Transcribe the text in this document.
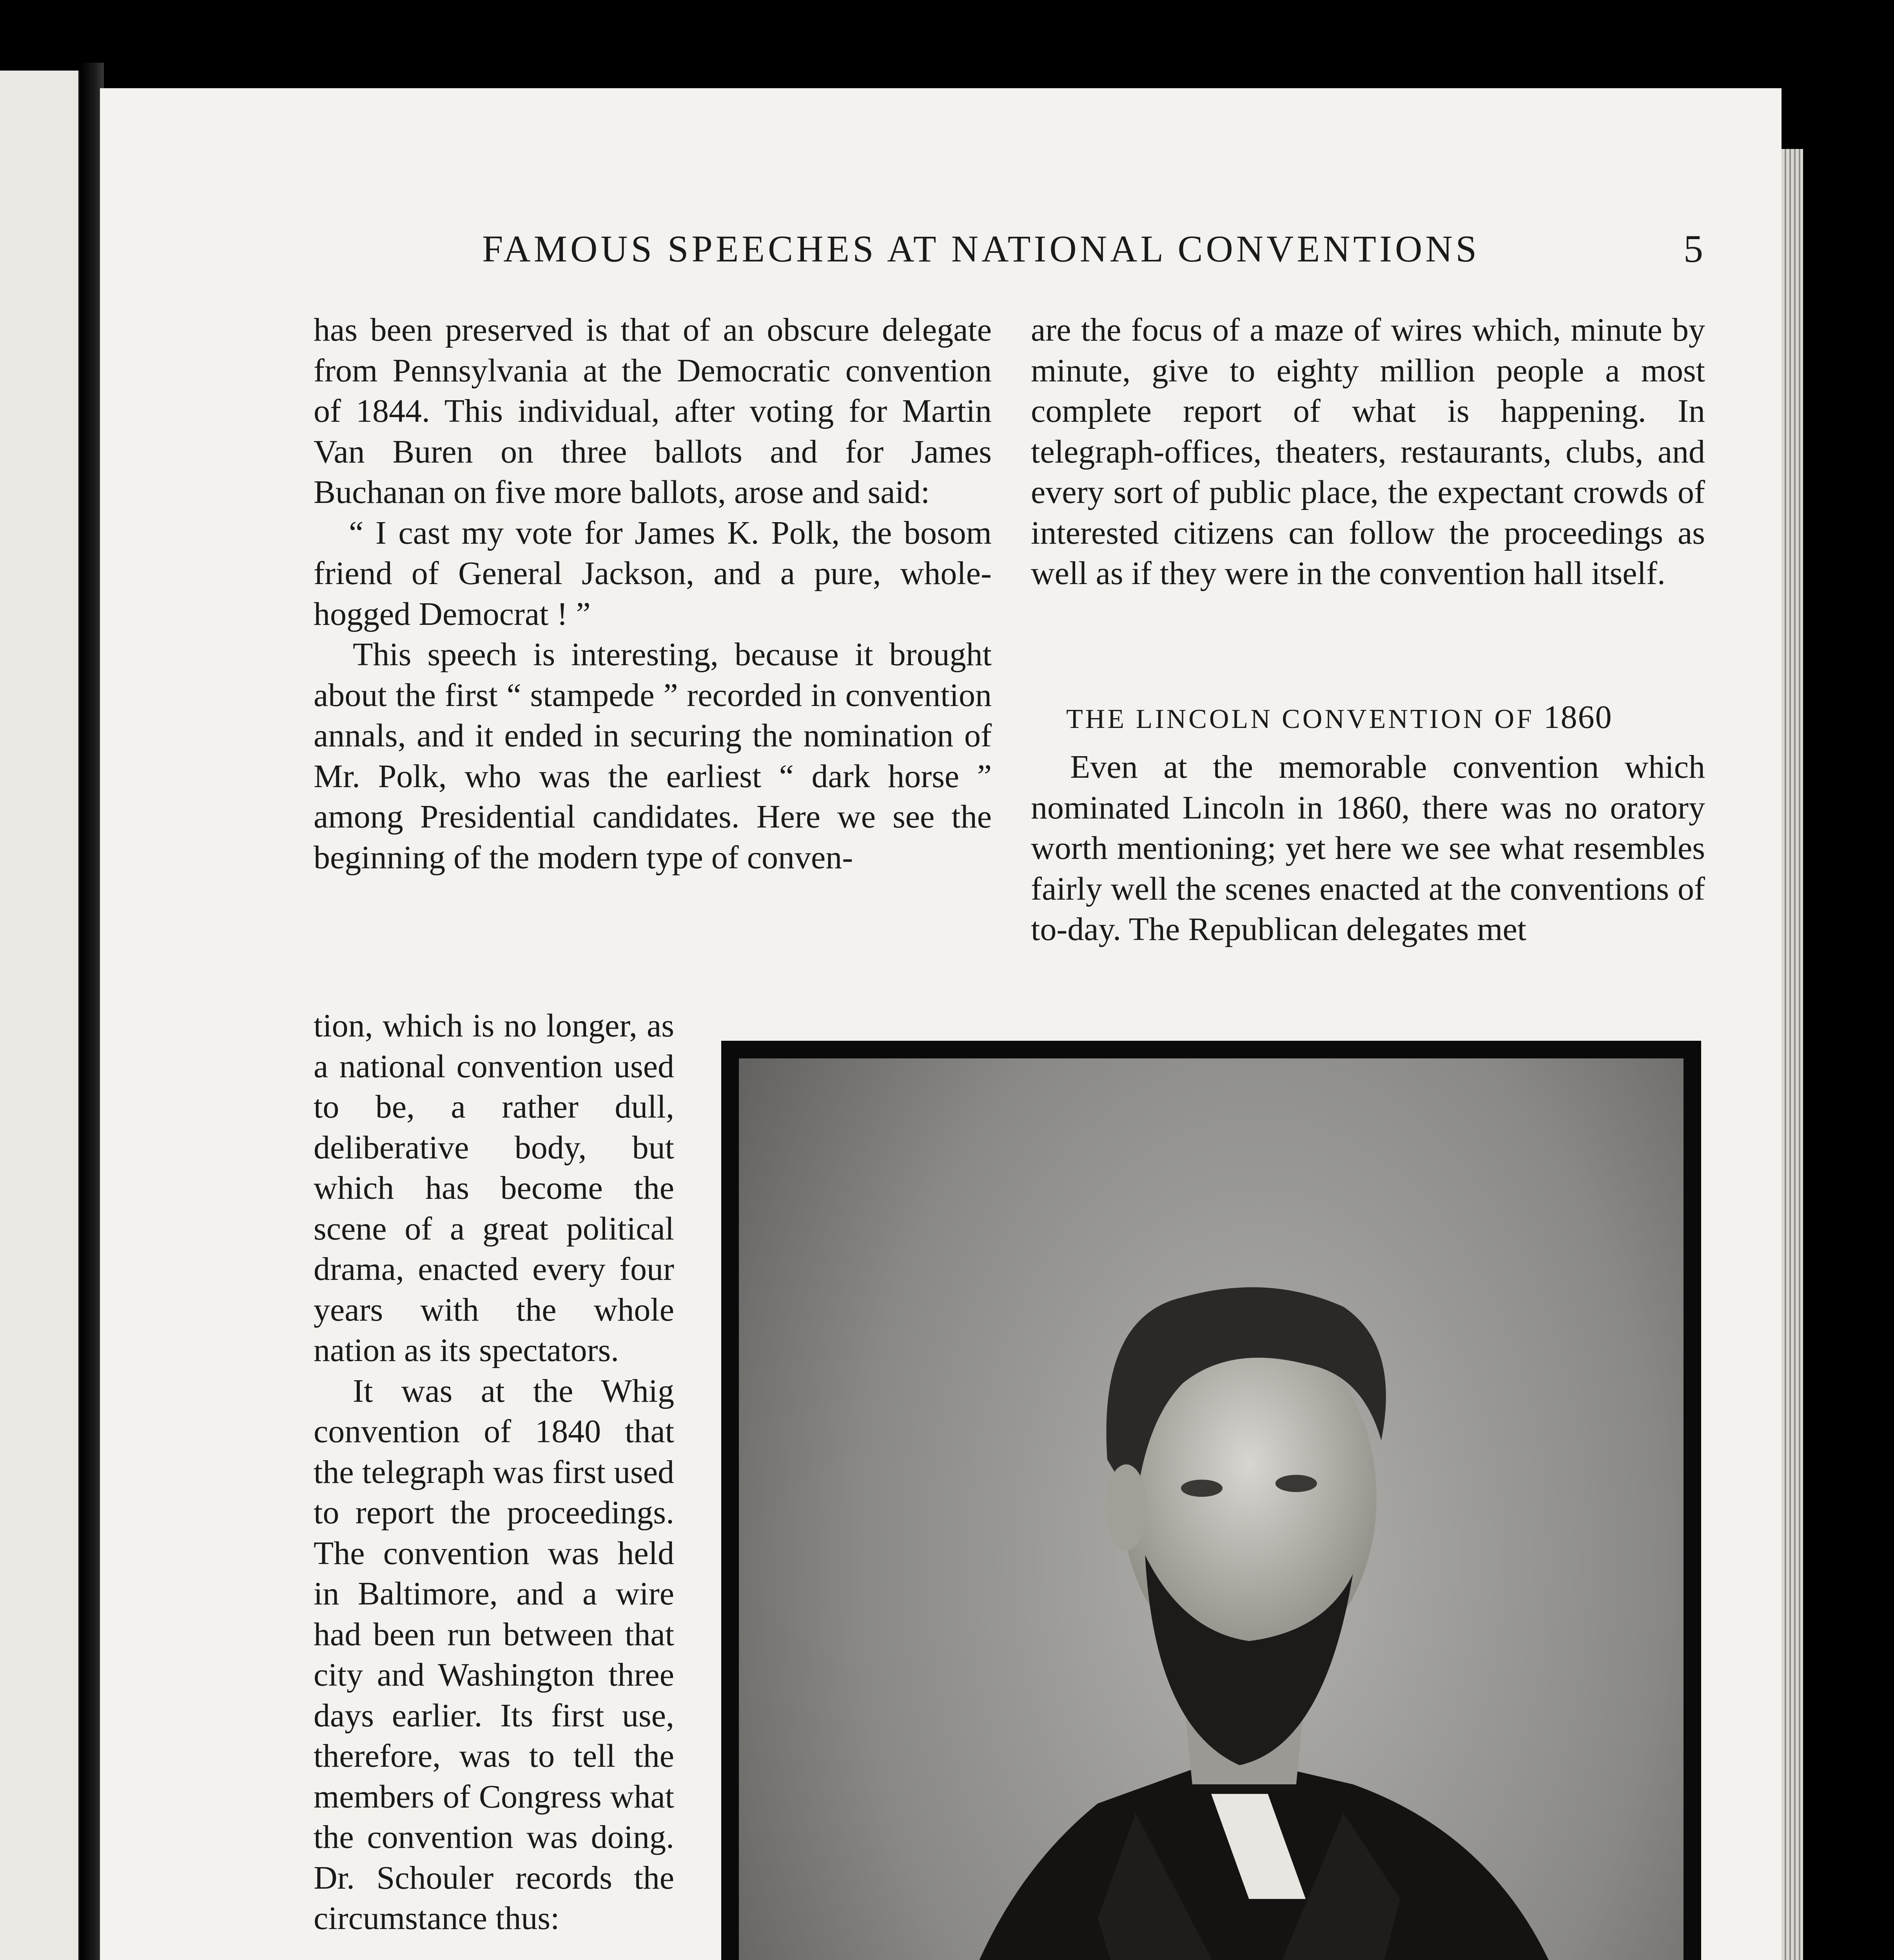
FAMOUS SPEECHES AT NATIONAL CONVENTIONS	5

has been preserved is that of an obscure delegate from Pennsylvania at the Democratic convention of 1844. This individual, after voting for Martin Van Buren on three ballots and for James Buchanan on five more ballots, arose and said:

“ I cast my vote for James K. Polk, the bosom friend of General Jackson, and a pure, whole-hogged Democrat ! ”

This speech is interesting, because it brought about the first “ stampede ” recorded in convention annals, and it ended in securing the nomination of Mr. Polk, who was the earliest “ dark horse ” among Presidential candidates. Here we see the beginning of the modern type of conven-

tion, which is no longer, as a national convention used to be, a rather dull, deliberative body, but which has become the scene of a great political drama, enacted every four years with the whole nation as its spectators.

It was at the Whig convention of 1840 that the telegraph was first used to report the proceedings. The convention was held in Baltimore, and a wire had been run between that city and Washington three days earlier. Its first use, therefore, was to tell the members of Congress what the convention was doing. Dr. Schouler records the circumstance thus:

are the focus of a maze of wires which, minute by minute, give to eighty million people a most complete report of what is happening. In telegraph-offices, theaters, restaurants, clubs, and every sort of public place, the expectant crowds of interested citizens can follow the proceedings as well as if they were in the convention hall itself.

THE LINCOLN CONVENTION OF 1860

Even at the memorable convention which nominated Lincoln in 1860, there was no oratory worth mentioning; yet here we see what resembles fairly well the scenes enacted at the conventions of to-day. The Republican delegates met
